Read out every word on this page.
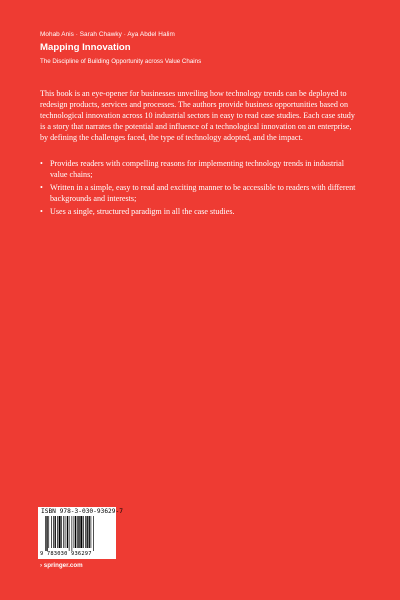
Mohab Anis · Sarah Chawky · Aya Abdel Halim
Mapping Innovation
The Discipline of Building Opportunity across Value Chains

This book is an eye-opener for businesses unveiling how technology trends can be deployed to redesign products, services and processes. The authors provide business opportunities based on technological innovation across 10 industrial sectors in easy to read case studies. Each case study is a story that narrates the potential and influence of a technological innovation on an enterprise, by defining the challenges faced, the type of technology adopted, and the impact.

• Provides readers with compelling reasons for implementing technology trends in industrial value chains;
• Written in a simple, easy to read and exciting manner to be accessible to readers with different backgrounds and interests;
• Uses a single, structured paradigm in all the case studies.
ISBN 978-3-030-93629-7
9 783030 936297
› springer.com
